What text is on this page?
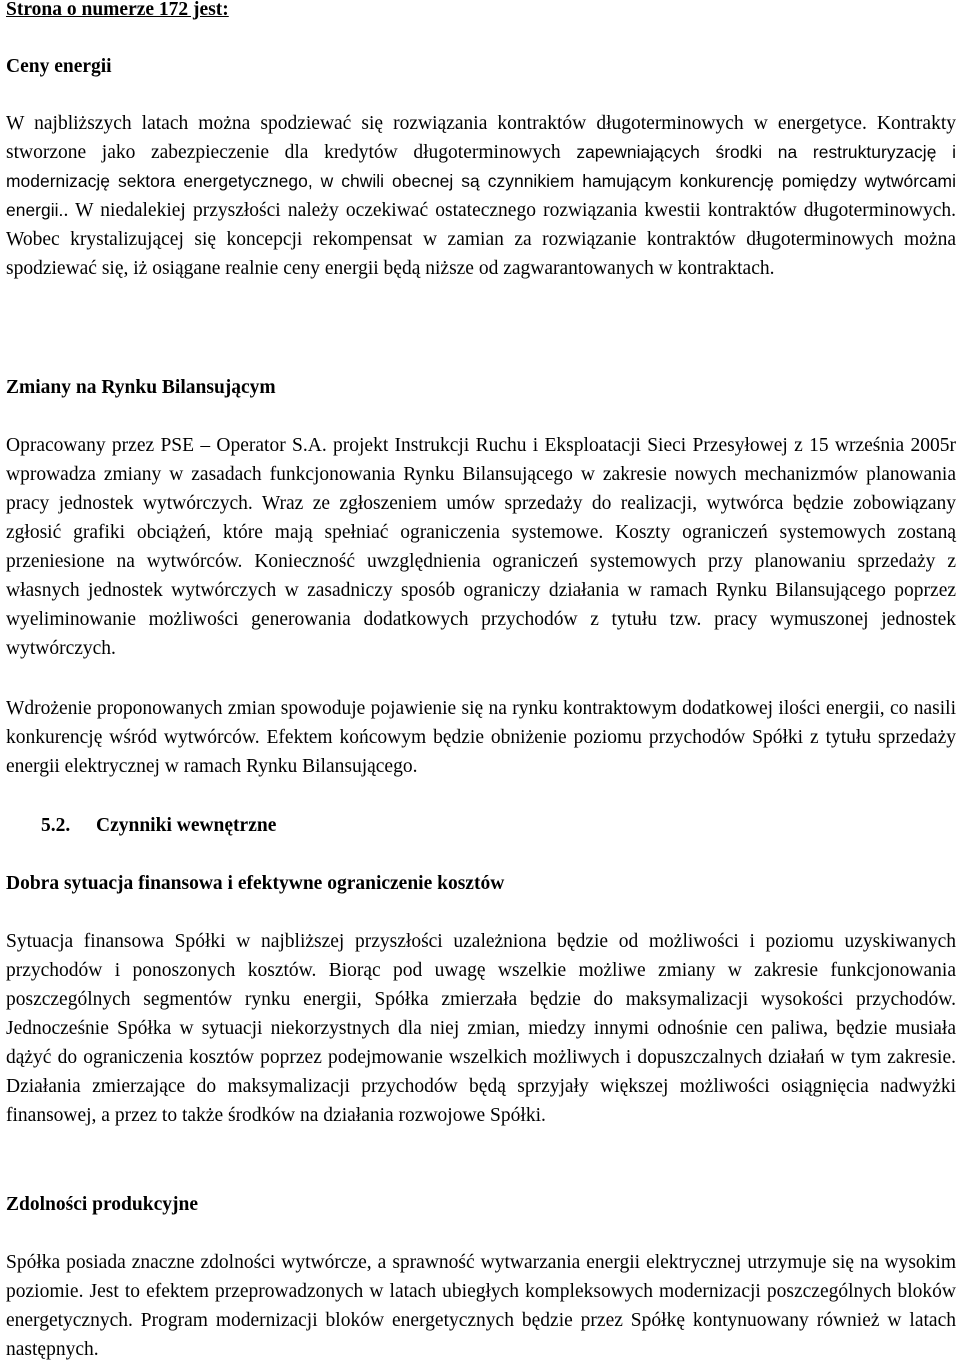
Strona o numerze 172 jest:
Ceny energii

W najbliższych latach można spodziewać się rozwiązania kontraktów długoterminowych w energetyce. Kontrakty stworzone jako zabezpieczenie dla kredytów długoterminowych zapewniających środki na restrukturyzację i modernizację sektora energetycznego, w chwili obecnej są czynnikiem hamującym konkurencję pomiędzy wytwórcami energii.. W niedalekiej przyszłości należy oczekiwać ostatecznego rozwiązania kwestii kontraktów długoterminowych. Wobec krystalizującej się koncepcji rekompensat w zamian za rozwiązanie kontraktów długoterminowych można spodziewać się, iż osiągane realnie ceny energii będą niższe od zagwarantowanych w kontraktach.

Zmiany na Rynku Bilansującym

Opracowany przez PSE – Operator S.A. projekt Instrukcji Ruchu i Eksploatacji Sieci Przesyłowej z 15 września 2005r wprowadza zmiany w zasadach funkcjonowania Rynku Bilansującego w zakresie nowych mechanizmów planowania pracy jednostek wytwórczych. Wraz ze zgłoszeniem umów sprzedaży do realizacji, wytwórca będzie zobowiązany zgłosić grafiki obciążeń, które mają spełniać ograniczenia systemowe. Koszty ograniczeń systemowych zostaną przeniesione na wytwórców. Konieczność uwzględnienia ograniczeń systemowych przy planowaniu sprzedaży z własnych jednostek wytwórczych w zasadniczy sposób ograniczy działania w ramach Rynku Bilansującego poprzez wyeliminowanie możliwości generowania dodatkowych przychodów z tytułu tzw. pracy wymuszonej jednostek wytwórczych.

Wdrożenie proponowanych zmian spowoduje pojawienie się na rynku kontraktowym dodatkowej ilości energii, co nasili konkurencję wśród wytwórców. Efektem końcowym będzie obniżenie poziomu przychodów Spółki z tytułu sprzedaży energii elektrycznej w ramach Rynku Bilansującego.

5.2. Czynniki wewnętrzne
Dobra sytuacja finansowa i efektywne ograniczenie kosztów

Sytuacja finansowa Spółki w najbliższej przyszłości uzależniona będzie od możliwości i poziomu uzyskiwanych przychodów i ponoszonych kosztów. Biorąc pod uwagę wszelkie możliwe zmiany w zakresie funkcjonowania poszczególnych segmentów rynku energii, Spółka zmierzała będzie do maksymalizacji wysokości przychodów. Jednocześnie Spółka w sytuacji niekorzystnych dla niej zmian, miedzy innymi odnośnie cen paliwa, będzie musiała dążyć do ograniczenia kosztów poprzez podejmowanie wszelkich możliwych i dopuszczalnych działań w tym zakresie. Działania zmierzające do maksymalizacji przychodów będą sprzyjały większej możliwości osiągnięcia nadwyżki finansowej, a przez to także środków na działania rozwojowe Spółki.

Zdolności produkcyjne

Spółka posiada znaczne zdolności wytwórcze, a sprawność wytwarzania energii elektrycznej utrzymuje się na wysokim poziomie. Jest to efektem przeprowadzonych w latach ubiegłych kompleksowych modernizacji poszczególnych bloków energetycznych. Program modernizacji bloków energetycznych będzie przez Spółkę kontynuowany również w latach następnych.
